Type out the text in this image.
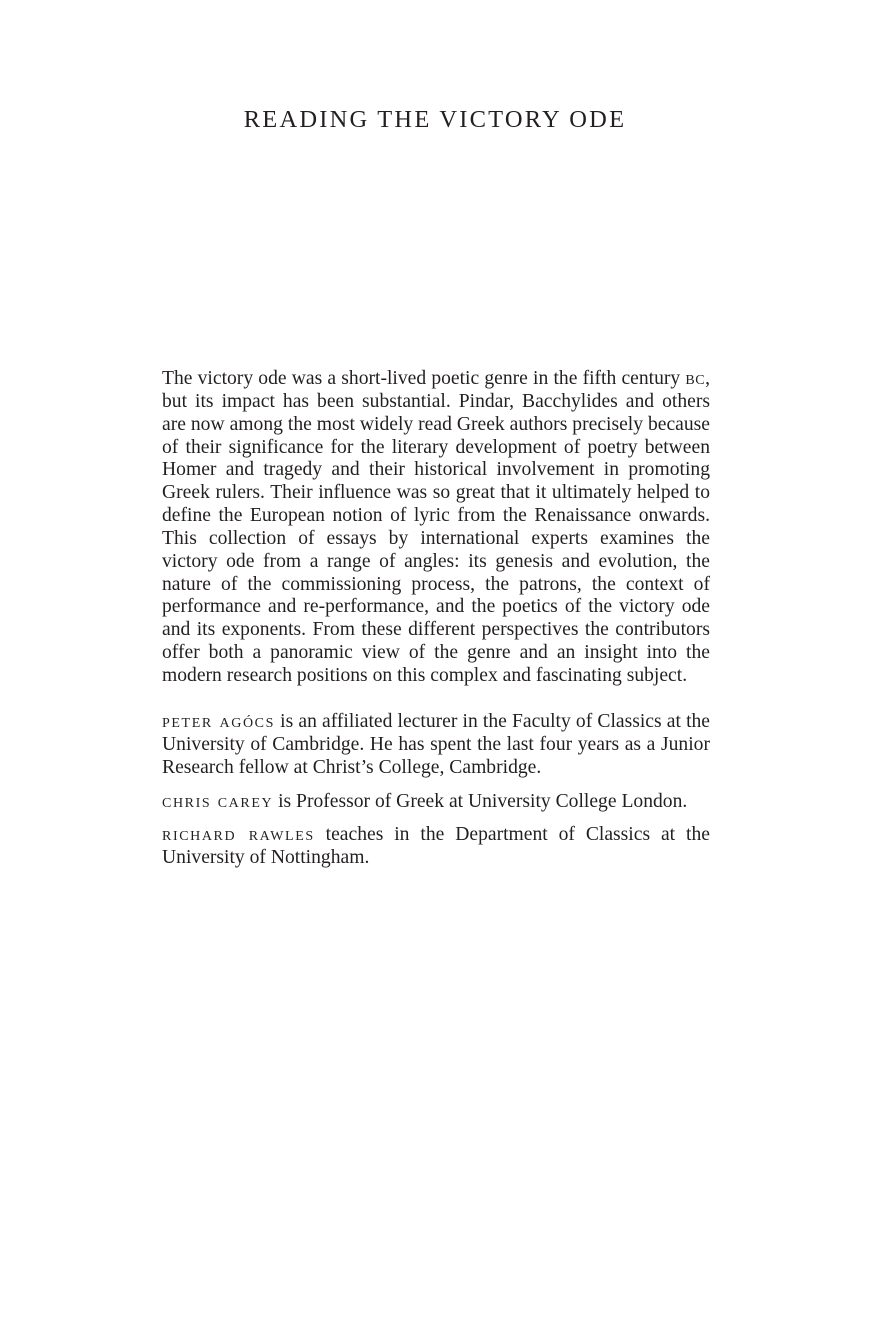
READING THE VICTORY ODE

The victory ode was a short-lived poetic genre in the fifth century bc, but its impact has been substantial. Pindar, Bacchylides and others are now among the most widely read Greek authors precisely because of their significance for the literary development of poetry between Homer and tragedy and their historical involvement in promoting Greek rulers. Their influence was so great that it ultimately helped to define the European notion of lyric from the Renaissance onwards. This collection of essays by international experts examines the victory ode from a range of angles: its genesis and evolution, the nature of the commissioning process, the patrons, the context of performance and re-performance, and the poetics of the victory ode and its exponents. From these different perspectives the contributors offer both a panoramic view of the genre and an insight into the modern research positions on this complex and fascinating subject.

peter agócs is an affiliated lecturer in the Faculty of Classics at the University of Cambridge. He has spent the last four years as a Junior Research fellow at Christ’s College, Cambridge.

chris carey is Professor of Greek at University College London.

richard rawles teaches in the Department of Classics at the University of Nottingham.
